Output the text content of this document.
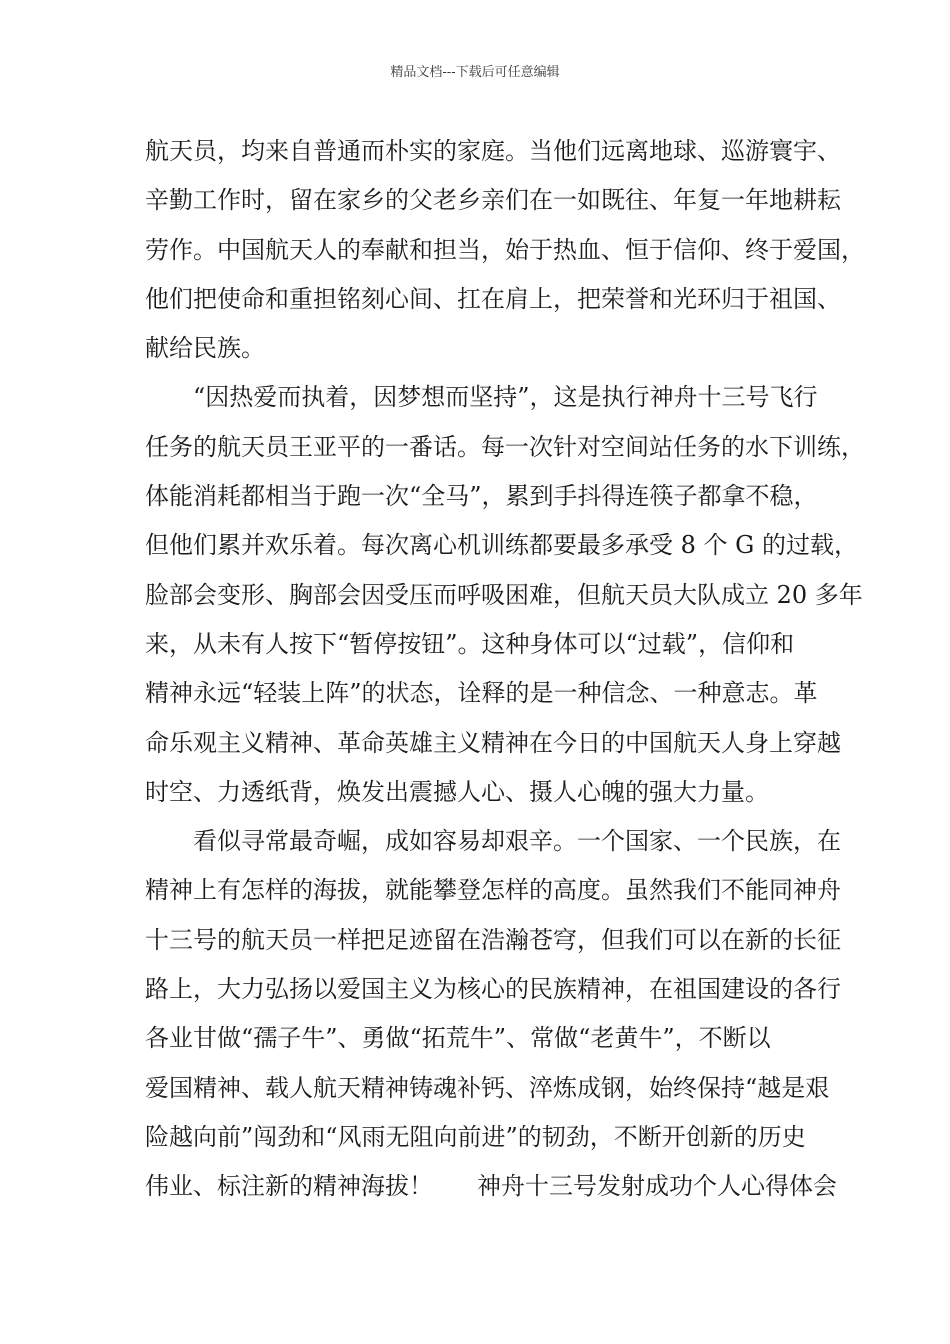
精品文档---下载后可任意编辑
航天员，均来自普通而朴实的家庭。当他们远离地球、巡游寰宇、
辛勤工作时，留在家乡的父老乡亲们在一如既往、年复一年地耕耘
劳作。中国航天人的奉献和担当，始于热血、恒于信仰、终于爱国，
他们把使命和重担铭刻心间、扛在肩上，把荣誉和光环归于祖国、
献给民族。
“因热爱而执着，因梦想而坚持”，这是执行神舟十三号飞行
任务的航天员王亚平的一番话。每一次针对空间站任务的水下训练，
体能消耗都相当于跑一次“全马”，累到手抖得连筷子都拿不稳，
但他们累并欢乐着。每次离心机训练都要最多承受 8 个 G 的过载，
脸部会变形、胸部会因受压而呼吸困难，但航天员大队成立 20 多年
来，从未有人按下“暂停按钮”。这种身体可以“过载”，信仰和
精神永远“轻装上阵”的状态，诠释的是一种信念、一种意志。革
命乐观主义精神、革命英雄主义精神在今日的中国航天人身上穿越
时空、力透纸背，焕发出震撼人心、摄人心魄的强大力量。
看似寻常最奇崛，成如容易却艰辛。一个国家、一个民族，在
精神上有怎样的海拔，就能攀登怎样的高度。虽然我们不能同神舟
十三号的航天员一样把足迹留在浩瀚苍穹，但我们可以在新的长征
路上，大力弘扬以爱国主义为核心的民族精神，在祖国建设的各行
各业甘做“孺子牛”、勇做“拓荒牛”、常做“老黄牛”，不断以
爱国精神、载人航天精神铸魂补钙、淬炼成钢，始终保持“越是艰
险越向前”闯劲和“风雨无阻向前进”的韧劲，不断开创新的历史
伟业、标注新的精神海拔！ 神舟十三号发射成功个人心得体会
